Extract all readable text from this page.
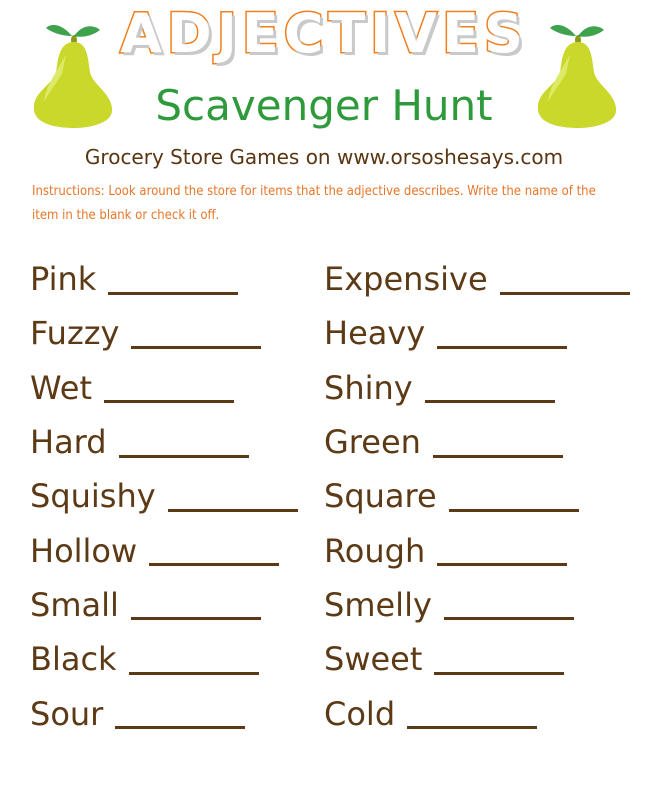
ADJECTIVES
Scavenger Hunt
Grocery Store Games on www.orsoshesays.com
Instructions: Look around the store for items that the adjective describes. Write the name of the item in the blank or check it off.
Pink
Fuzzy
Wet
Hard
Squishy
Hollow
Small
Black
Sour
Expensive
Heavy
Shiny
Green
Square
Rough
Smelly
Sweet
Cold
